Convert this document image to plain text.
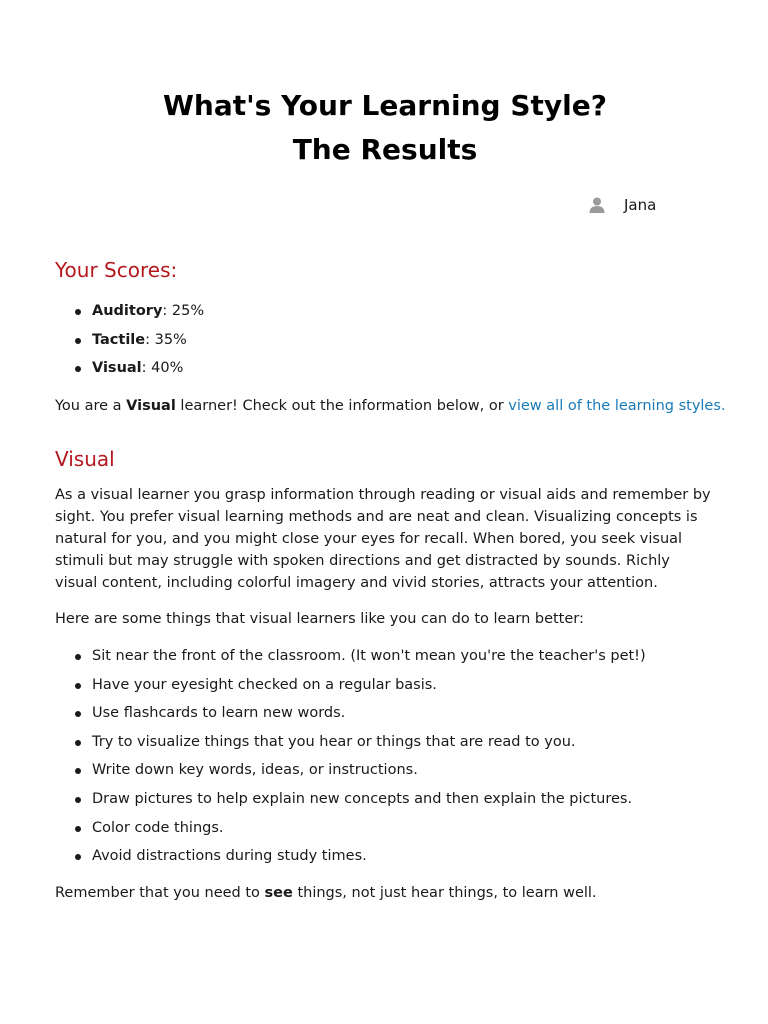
What's Your Learning Style?
The Results
Jana
Your Scores:
Auditory: 25%
Tactile: 35%
Visual: 40%

You are a Visual learner! Check out the information below, or view all of the learning styles.

Visual

As a visual learner you grasp information through reading or visual aids and remember by sight. You prefer visual learning methods and are neat and clean. Visualizing concepts is natural for you, and you might close your eyes for recall. When bored, you seek visual stimuli but may struggle with spoken directions and get distracted by sounds. Richly visual content, including colorful imagery and vivid stories, attracts your attention.

Here are some things that visual learners like you can do to learn better:

Sit near the front of the classroom. (It won't mean you're the teacher's pet!)
Have your eyesight checked on a regular basis.
Use flashcards to learn new words.
Try to visualize things that you hear or things that are read to you.
Write down key words, ideas, or instructions.
Draw pictures to help explain new concepts and then explain the pictures.
Color code things.
Avoid distractions during study times.

Remember that you need to see things, not just hear things, to learn well.
